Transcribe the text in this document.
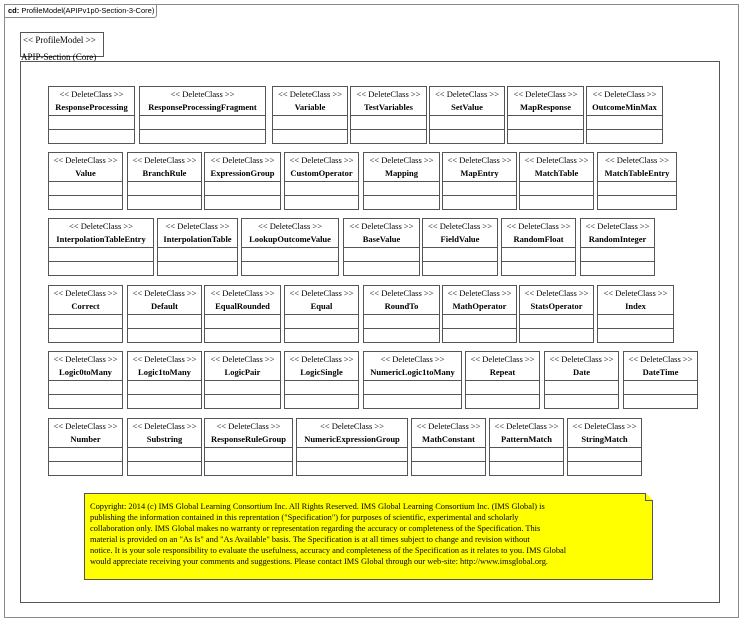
cd: ProfileModel(APIPv1p0-Section-3-Core)
<< ProfileModel >>
APIP-Section (Core)
<< DeleteClass >>
ResponseProcessing
<< DeleteClass >>
ResponseProcessingFragment
<< DeleteClass >>
Variable
<< DeleteClass >>
TestVariables
<< DeleteClass >>
SetValue
<< DeleteClass >>
MapResponse
<< DeleteClass >>
OutcomeMinMax
<< DeleteClass >>
Value
<< DeleteClass >>
BranchRule
<< DeleteClass >>
ExpressionGroup
<< DeleteClass >>
CustomOperator
<< DeleteClass >>
Mapping
<< DeleteClass >>
MapEntry
<< DeleteClass >>
MatchTable
<< DeleteClass >>
MatchTableEntry
<< DeleteClass >>
InterpolationTableEntry
<< DeleteClass >>
InterpolationTable
<< DeleteClass >>
LookupOutcomeValue
<< DeleteClass >>
BaseValue
<< DeleteClass >>
FieldValue
<< DeleteClass >>
RandomFloat
<< DeleteClass >>
RandomInteger
<< DeleteClass >>
Correct
<< DeleteClass >>
Default
<< DeleteClass >>
EqualRounded
<< DeleteClass >>
Equal
<< DeleteClass >>
RoundTo
<< DeleteClass >>
MathOperator
<< DeleteClass >>
StatsOperator
<< DeleteClass >>
Index
<< DeleteClass >>
Logic0toMany
<< DeleteClass >>
Logic1toMany
<< DeleteClass >>
LogicPair
<< DeleteClass >>
LogicSingle
<< DeleteClass >>
NumericLogic1toMany
<< DeleteClass >>
Repeat
<< DeleteClass >>
Date
<< DeleteClass >>
DateTime
<< DeleteClass >>
Number
<< DeleteClass >>
Substring
<< DeleteClass >>
ResponseRuleGroup
<< DeleteClass >>
NumericExpressionGroup
<< DeleteClass >>
MathConstant
<< DeleteClass >>
PatternMatch
<< DeleteClass >>
StringMatch
Copyright: 2014 (c) IMS Global Learning Consortium Inc. All Rights Reserved. IMS Global Learning Consortium Inc. (IMS Global) is
publishing the information contained in this reprentation ("Specification") for purposes of scientific, experimental and scholarly
collaboration only. IMS Global makes no warranty or representation regarding the accuracy or completeness of the Specification. This
material is provided on an "As Is" and "As Available" basis. The Specification is at all times subject to change and revision without
notice. It is your sole responsibility to evaluate the usefulness, accuracy and completeness of the Specification as it relates to you. IMS Global
would appreciate receiving your comments and suggestions. Please contact IMS Global through our web-site: http://www.imsglobal.org.
